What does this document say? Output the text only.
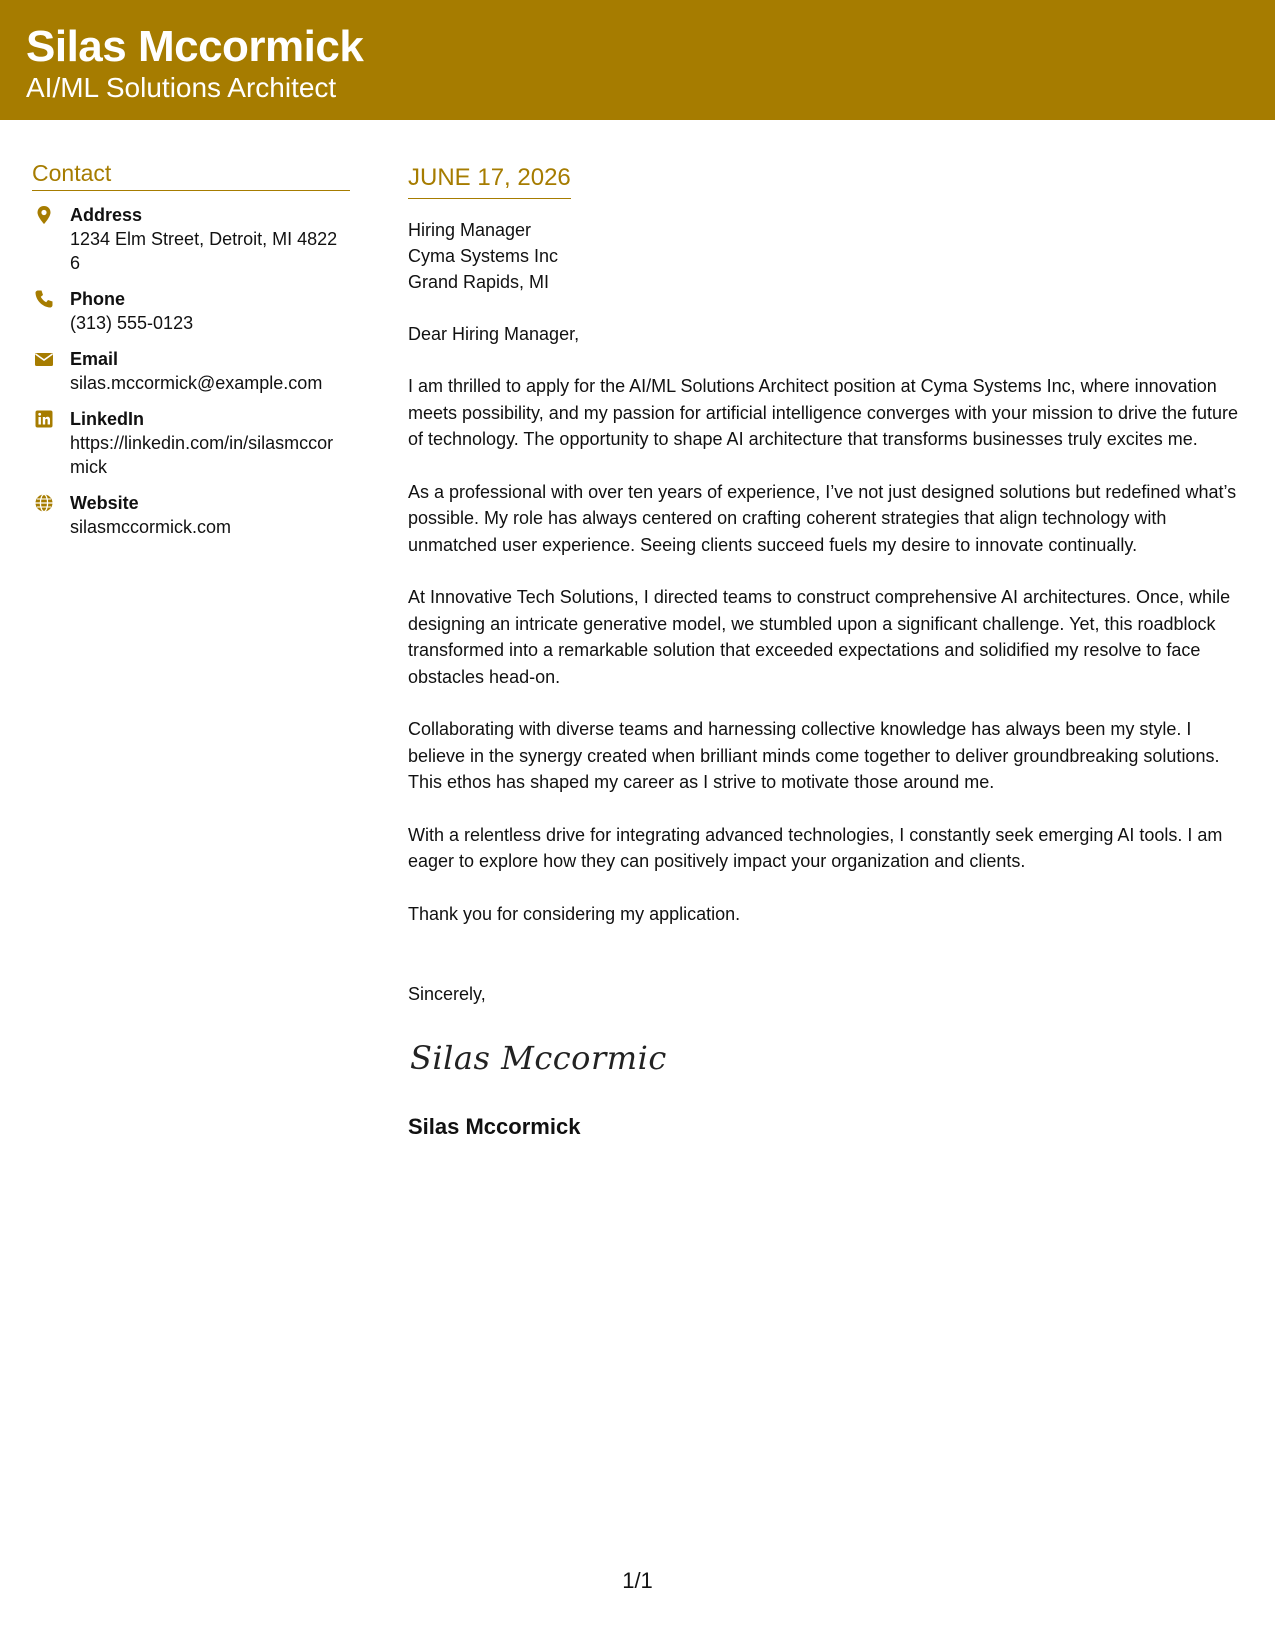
Silas Mccormick
AI/ML Solutions Architect
Contact
Address
1234 Elm Street, Detroit, MI 48226
Phone
(313) 555-0123
Email
silas.mccormick@example.com
LinkedIn
https://linkedin.com/in/silasmccormick
Website
silasmccormick.com
JUNE 17, 2026
Hiring Manager
Cyma Systems Inc
Grand Rapids, MI
Dear Hiring Manager,
I am thrilled to apply for the AI/ML Solutions Architect position at Cyma Systems Inc, where innovation meets possibility, and my passion for artificial intelligence converges with your mission to drive the future of technology. The opportunity to shape AI architecture that transforms businesses truly excites me.
As a professional with over ten years of experience, I’ve not just designed solutions but redefined what’s possible. My role has always centered on crafting coherent strategies that align technology with unmatched user experience. Seeing clients succeed fuels my desire to innovate continually.
At Innovative Tech Solutions, I directed teams to construct comprehensive AI architectures. Once, while designing an intricate generative model, we stumbled upon a significant challenge. Yet, this roadblock transformed into a remarkable solution that exceeded expectations and solidified my resolve to face obstacles head-on.
Collaborating with diverse teams and harnessing collective knowledge has always been my style. I believe in the synergy created when brilliant minds come together to deliver groundbreaking solutions. This ethos has shaped my career as I strive to motivate those around me.
With a relentless drive for integrating advanced technologies, I constantly seek emerging AI tools. I am eager to explore how they can positively impact your organization and clients.
Thank you for considering my application.
Sincerely,
Silas Mccormick
Silas Mccormick
1/1
